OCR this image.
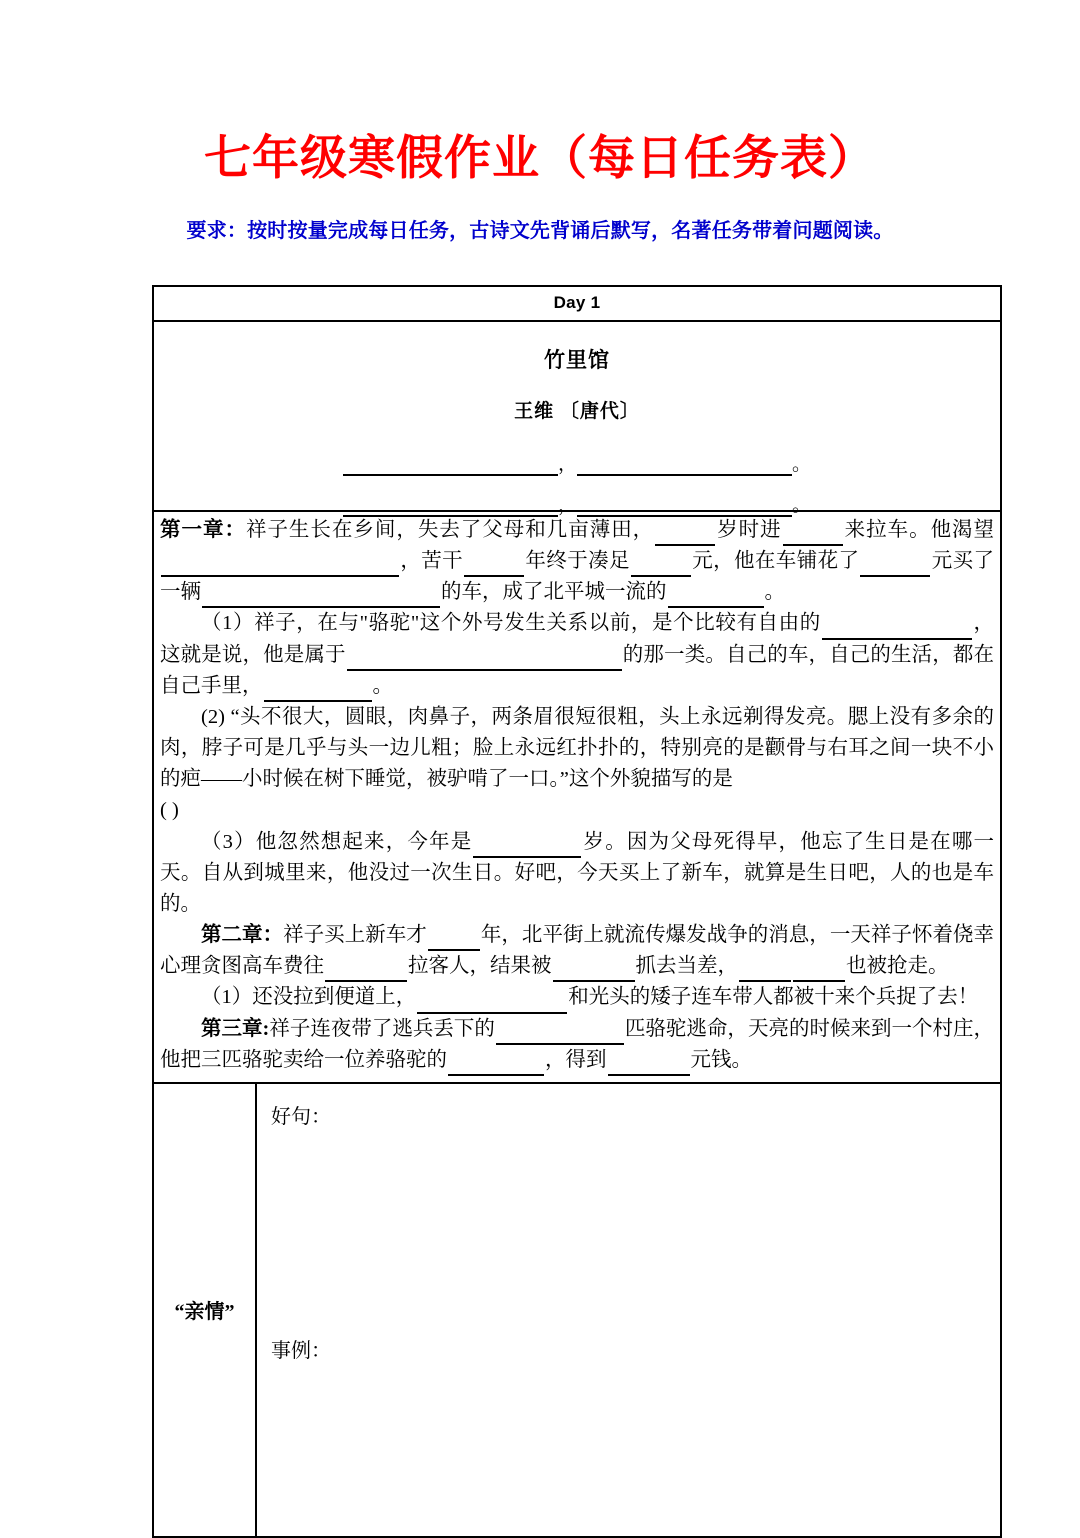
七年级寒假作业（每日任务表）
要求：按时按量完成每日任务，古诗文先背诵后默写，名著任务带着问题阅读。
Day 1
竹里馆
王维 〔唐代〕
，	。
，	。

第一章：祥子生长在乡间，失去了父母和几亩薄田，	岁时进	来拉车。他渴望，苦干	年终于凑足	元，他在车铺花了	元买了一辆	的车，成了北平城一流的	。

（1）祥子，在与"骆驼"这个外号发生关系以前，是个比较有自由的	，这就是说，他是属于	的那一类。自己的车，自己的生活，都在自己手里，	。

(2) “头不很大，圆眼，肉鼻子，两条眉很短很粗，头上永远剃得发亮。腮上没有多余的肉，脖子可是几乎与头一边儿粗；脸上永远红扑扑的，特别亮的是颧骨与右耳之间一块不小的疤——小时候在树下睡觉，被驴啃了一口。”这个外貌描写的是

( )

（3）他忽然想起来，今年是	岁。因为父母死得早，他忘了生日是在哪一天。自从到城里来，他没过一次生日。好吧，今天买上了新车，就算是生日吧，人的也是车的。

第二章：祥子买上新车才	年，北平街上就流传爆发战争的消息，一天祥子怀着侥幸心理贪图高车费往	拉客人，结果被	抓去当差，	也被抢走。

（1）还没拉到便道上，	和光头的矮子连车带人都被十来个兵捉了去！

第三章:祥子连夜带了逃兵丢下的	匹骆驼逃命，天亮的时候来到一个村庄，他把三匹骆驼卖给一位养骆驼的	，得到	元钱。

“亲情”
好句：
事例：
